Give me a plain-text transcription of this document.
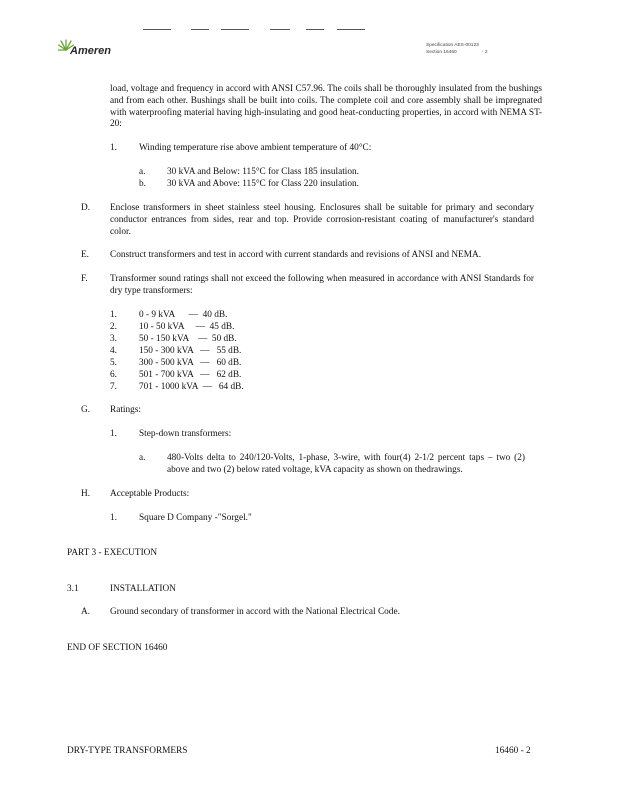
Ameren	Specification AES-00123
Section 16460	- 2
load, voltage and frequency in accord with ANSI C57.96. The coils shall be thoroughly insulated from the bushings and from each other. Bushings shall be built into coils. The complete coil and core assembly shall be impregnated with waterproofing material having high-insulating and good heat-conducting properties, in accord with NEMA ST-20:
1. Winding temperature rise above ambient temperature of 40°C:
a. 30 kVA and Below: 115°C for Class 185 insulation.
b. 30 kVA and Above: 115°C for Class 220 insulation.
D. Enclose transformers in sheet stainless steel housing. Enclosures shall be suitable for primary and secondary conductor entrances from sides, rear and top. Provide corrosion-resistant coating of manufacturer's standard color.
E. Construct transformers and test in accord with current standards and revisions of ANSI and NEMA.
F. Transformer sound ratings shall not exceed the following when measured in accordance with ANSI Standards for dry type transformers:
1. 0 - 9 kVA      —  40 dB.
2. 10 - 50 kVA     —  45 dB.
3. 50 - 150 kVA    —  50 dB.
4. 150 - 300 kVA   —   55 dB.
5. 300 - 500 kVA   —   60 dB.
6. 501 - 700 kVA   —   62 dB.
7. 701 - 1000 kVA  —   64 dB.
G. Ratings:
1. Step-down transformers:
a. 480-Volts delta to 240/120-Volts, 1-phase, 3-wire, with four(4) 2-1/2 percent taps – two (2) above and two (2) below rated voltage, kVA capacity as shown on thedrawings.
H. Acceptable Products:
1. Square D Company -"Sorgel."
PART 3 - EXECUTION
3.1	INSTALLATION
A. Ground secondary of transformer in accord with the National Electrical Code.
END OF SECTION 16460
DRY-TYPE TRANSFORMERS	16460 - 2
